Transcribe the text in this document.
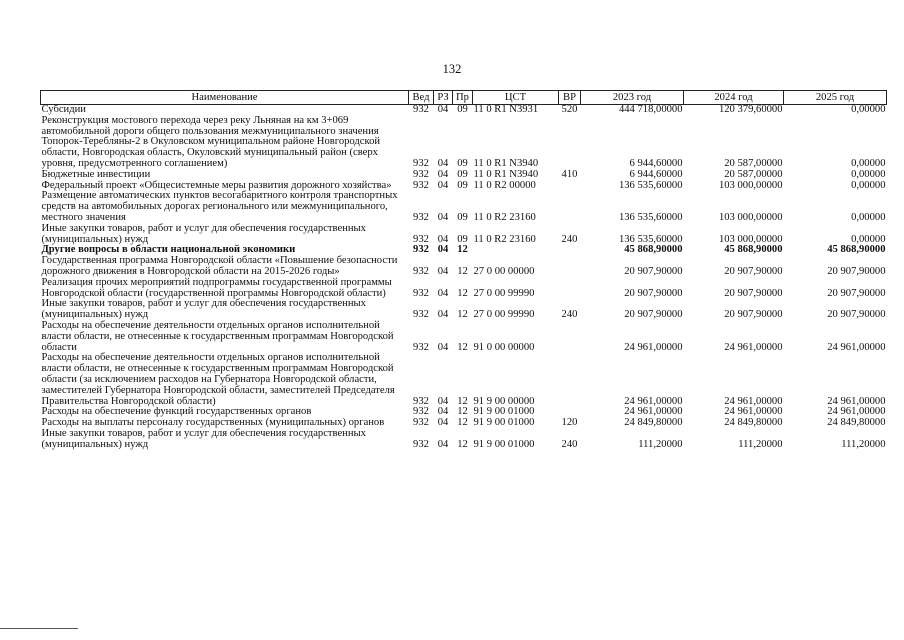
132
Наименование	Вед	РЗ	Пр	ЦСТ	ВР	2023 год	2024 год	2025 год
Субсидии	932	04	09	11 0 R1 N3931	520	444 718,00000	120 379,60000	0,00000
Реконструкция мостового перехода через реку Льняная на км 3+069 автомобильной дороги общего пользования межмуниципального значения Топорок-Теребляны-2 в Окуловском муниципальном районе Новгородской области, Новгородская область, Окуловский муниципальный район (сверх уровня, предусмотренного соглашением)	932	04	09	11 0 R1 N3940		6 944,60000	20 587,00000	0,00000
Бюджетные инвестиции	932	04	09	11 0 R1 N3940	410	6 944,60000	20 587,00000	0,00000
Федеральный проект «Общесистемные меры развития дорожного хозяйства»	932	04	09	11 0 R2 00000		136 535,60000	103 000,00000	0,00000
Размещение автоматических пунктов весогабаритного контроля транспортных средств на автомобильных дорогах регионального или межмуниципального, местного значения	932	04	09	11 0 R2 23160		136 535,60000	103 000,00000	0,00000
Иные закупки товаров, работ и услуг для обеспечения государственных (муниципальных) нужд	932	04	09	11 0 R2 23160	240	136 535,60000	103 000,00000	0,00000
Другие вопросы в области национальной экономики	932	04	12			45 868,90000	45 868,90000	45 868,90000
Государственная программа Новгородской области «Повышение безопасности дорожного движения в Новгородской области на 2015-2026 годы»	932	04	12	27 0 00 00000		20 907,90000	20 907,90000	20 907,90000
Реализация прочих мероприятий подпрограммы государственной программы Новгородской области (государственной программы Новгородской области)	932	04	12	27 0 00 99990		20 907,90000	20 907,90000	20 907,90000
Иные закупки товаров, работ и услуг для обеспечения государственных (муниципальных) нужд	932	04	12	27 0 00 99990	240	20 907,90000	20 907,90000	20 907,90000
Расходы на обеспечение деятельности отдельных органов исполнительной власти области, не отнесенные к государственным программам Новгородской области	932	04	12	91 0 00 00000		24 961,00000	24 961,00000	24 961,00000
Расходы на обеспечение деятельности отдельных органов исполнительной власти области, не отнесенные к государственным программам Новгородской области (за исключением расходов на Губернатора Новгородской области, заместителей Губернатора Новгородской области, заместителей Председателя Правительства Новгородской области)	932	04	12	91 9 00 00000		24 961,00000	24 961,00000	24 961,00000
Расходы на обеспечение функций государственных органов	932	04	12	91 9 00 01000		24 961,00000	24 961,00000	24 961,00000
Расходы на выплаты персоналу государственных (муниципальных) органов	932	04	12	91 9 00 01000	120	24 849,80000	24 849,80000	24 849,80000
Иные закупки товаров, работ и услуг для обеспечения государственных (муниципальных) нужд	932	04	12	91 9 00 01000	240	111,20000	111,20000	111,20000
